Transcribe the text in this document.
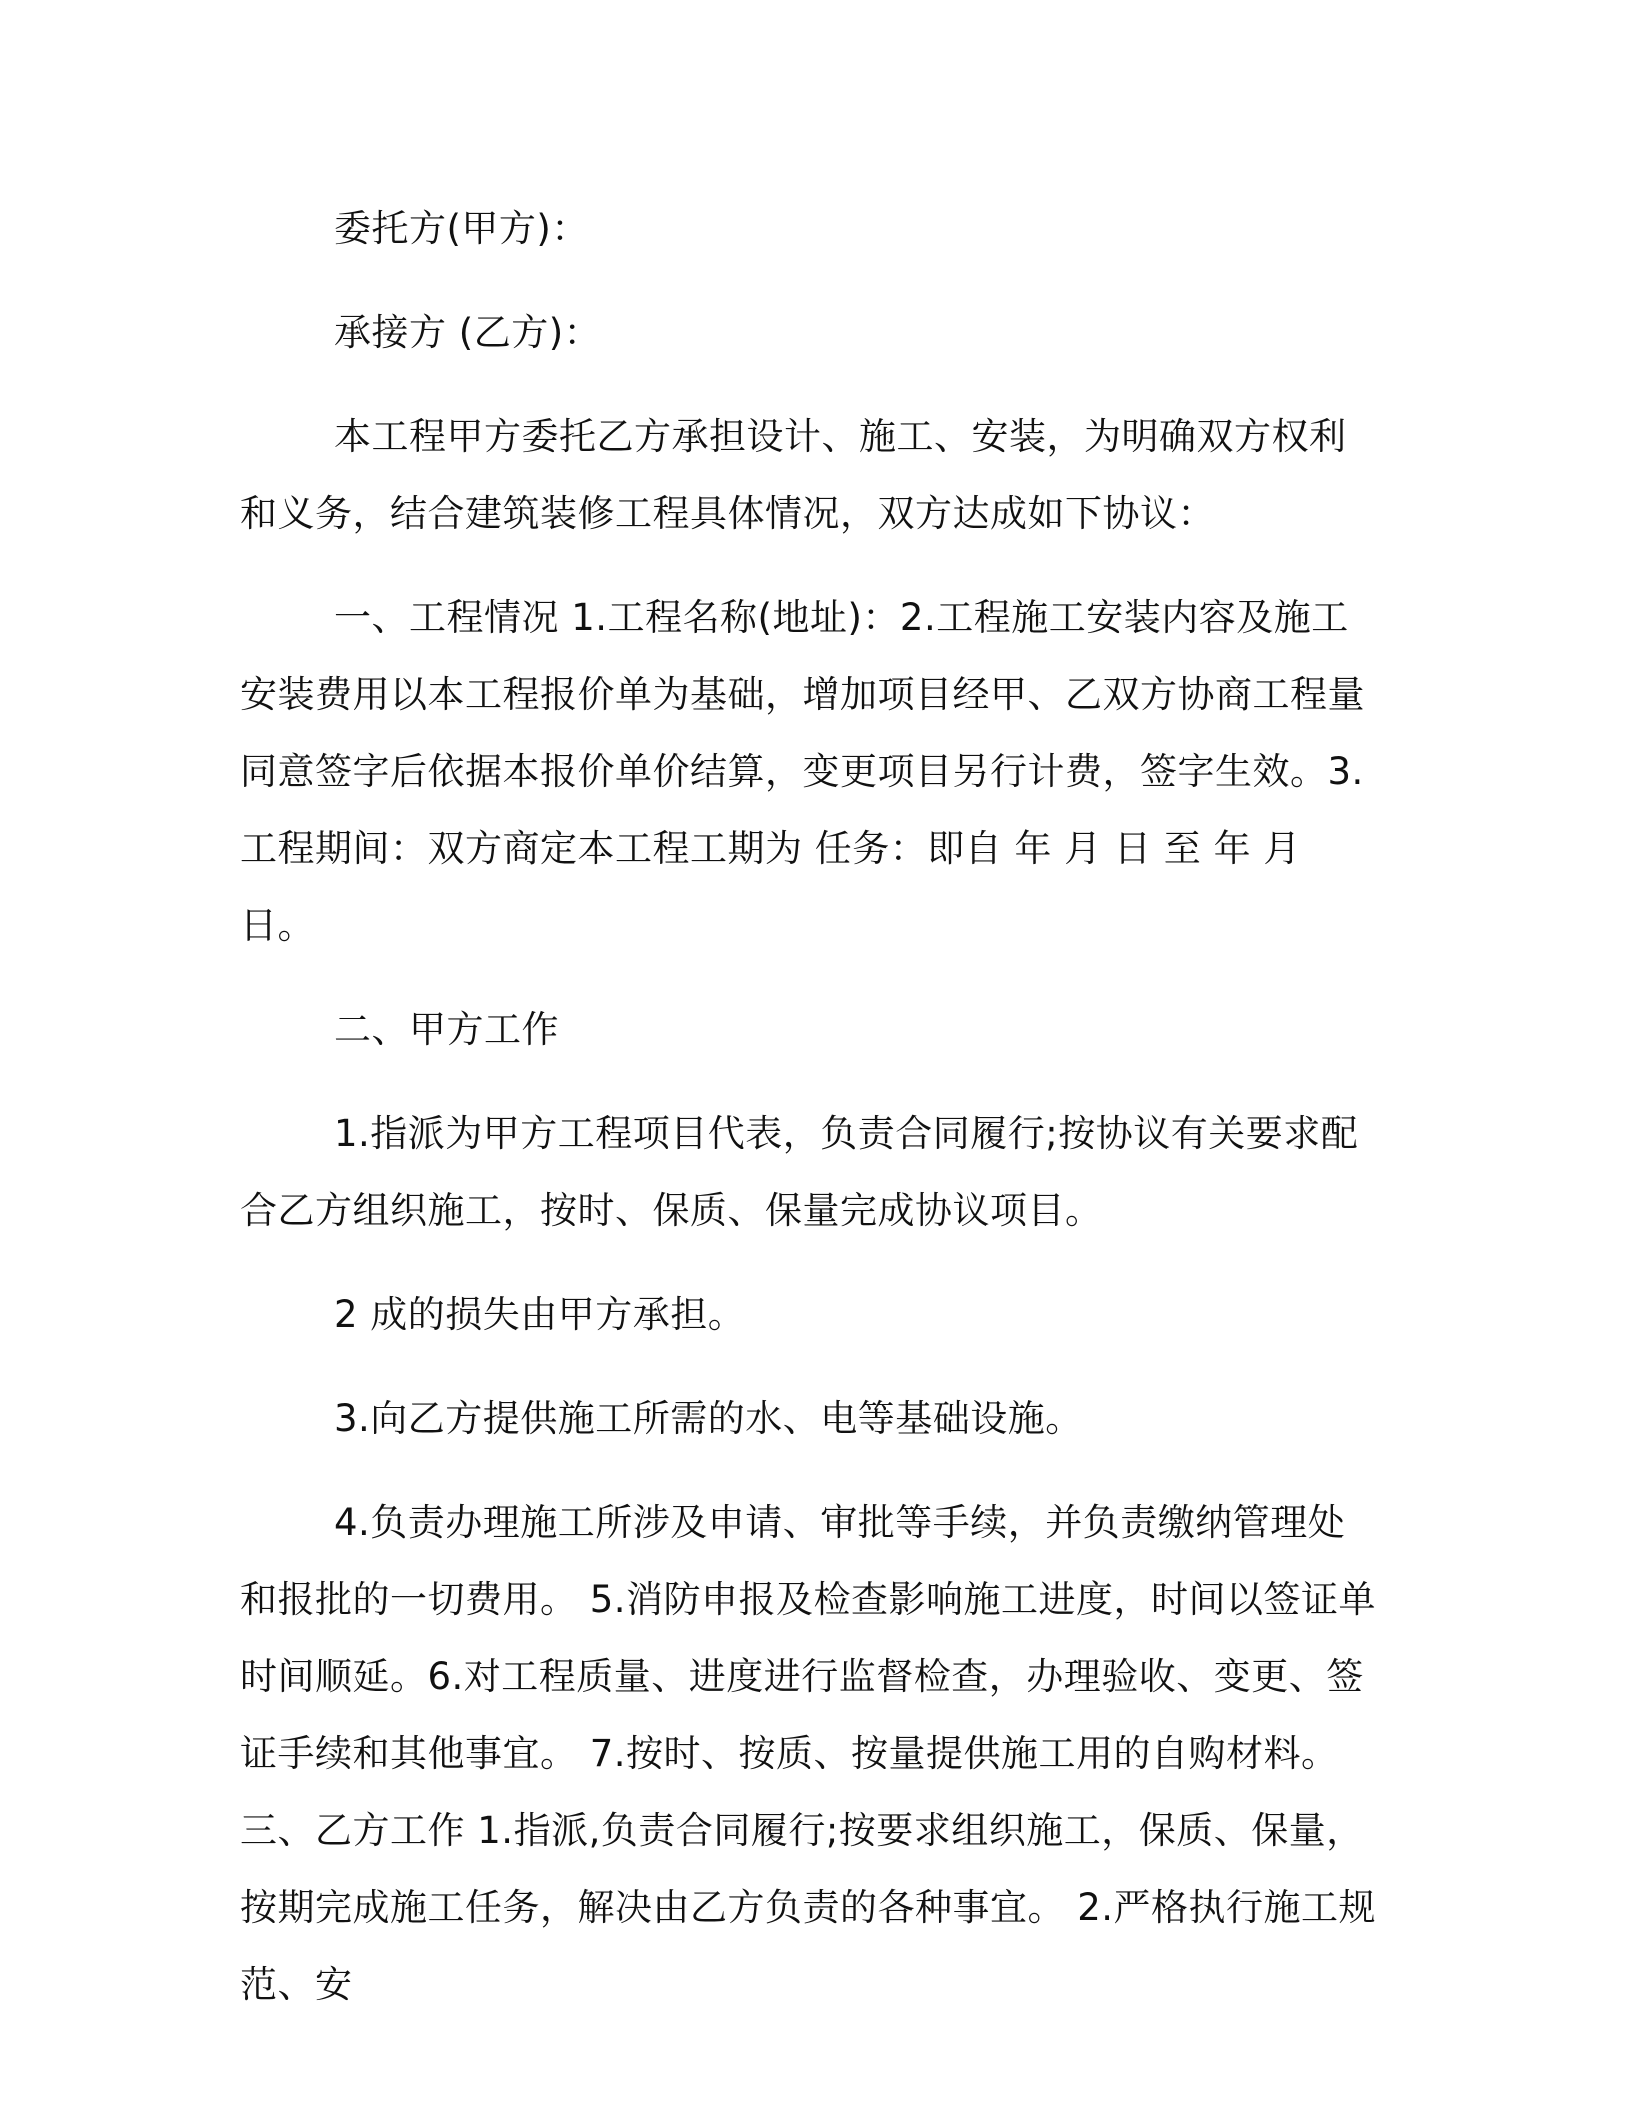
委托方(甲方)：

承接方 (乙方)：

本工程甲方委托乙方承担设计、施工、安装，为明确双方权利和义务，结合建筑装修工程具体情况，双方达成如下协议：

一、工程情况 1.工程名称(地址)：2.工程施工安装内容及施工安装费用以本工程报价单为基础，增加项目经甲、乙双方协商工程量同意签字后依据本报价单价结算，变更项目另行计费，签字生效。3.工程期间：双方商定本工程工期为 任务：即自 年 月 日 至 年 月 日。

二、甲方工作

1.指派为甲方工程项目代表，负责合同履行;按协议有关要求配合乙方组织施工，按时、保质、保量完成协议项目。

2 成的损失由甲方承担。

3.向乙方提供施工所需的水、电等基础设施。

4.负责办理施工所涉及申请、审批等手续，并负责缴纳管理处和报批的一切费用。 5.消防申报及检查影响施工进度，时间以签证单时间顺延。6.对工程质量、进度进行监督检查，办理验收、变更、签证手续和其他事宜。 7.按时、按质、按量提供施工用的自购材料。 三、乙方工作 1.指派,负责合同履行;按要求组织施工，保质、保量，按期完成施工任务，解决由乙方负责的各种事宜。 2.严格执行施工规范、安
